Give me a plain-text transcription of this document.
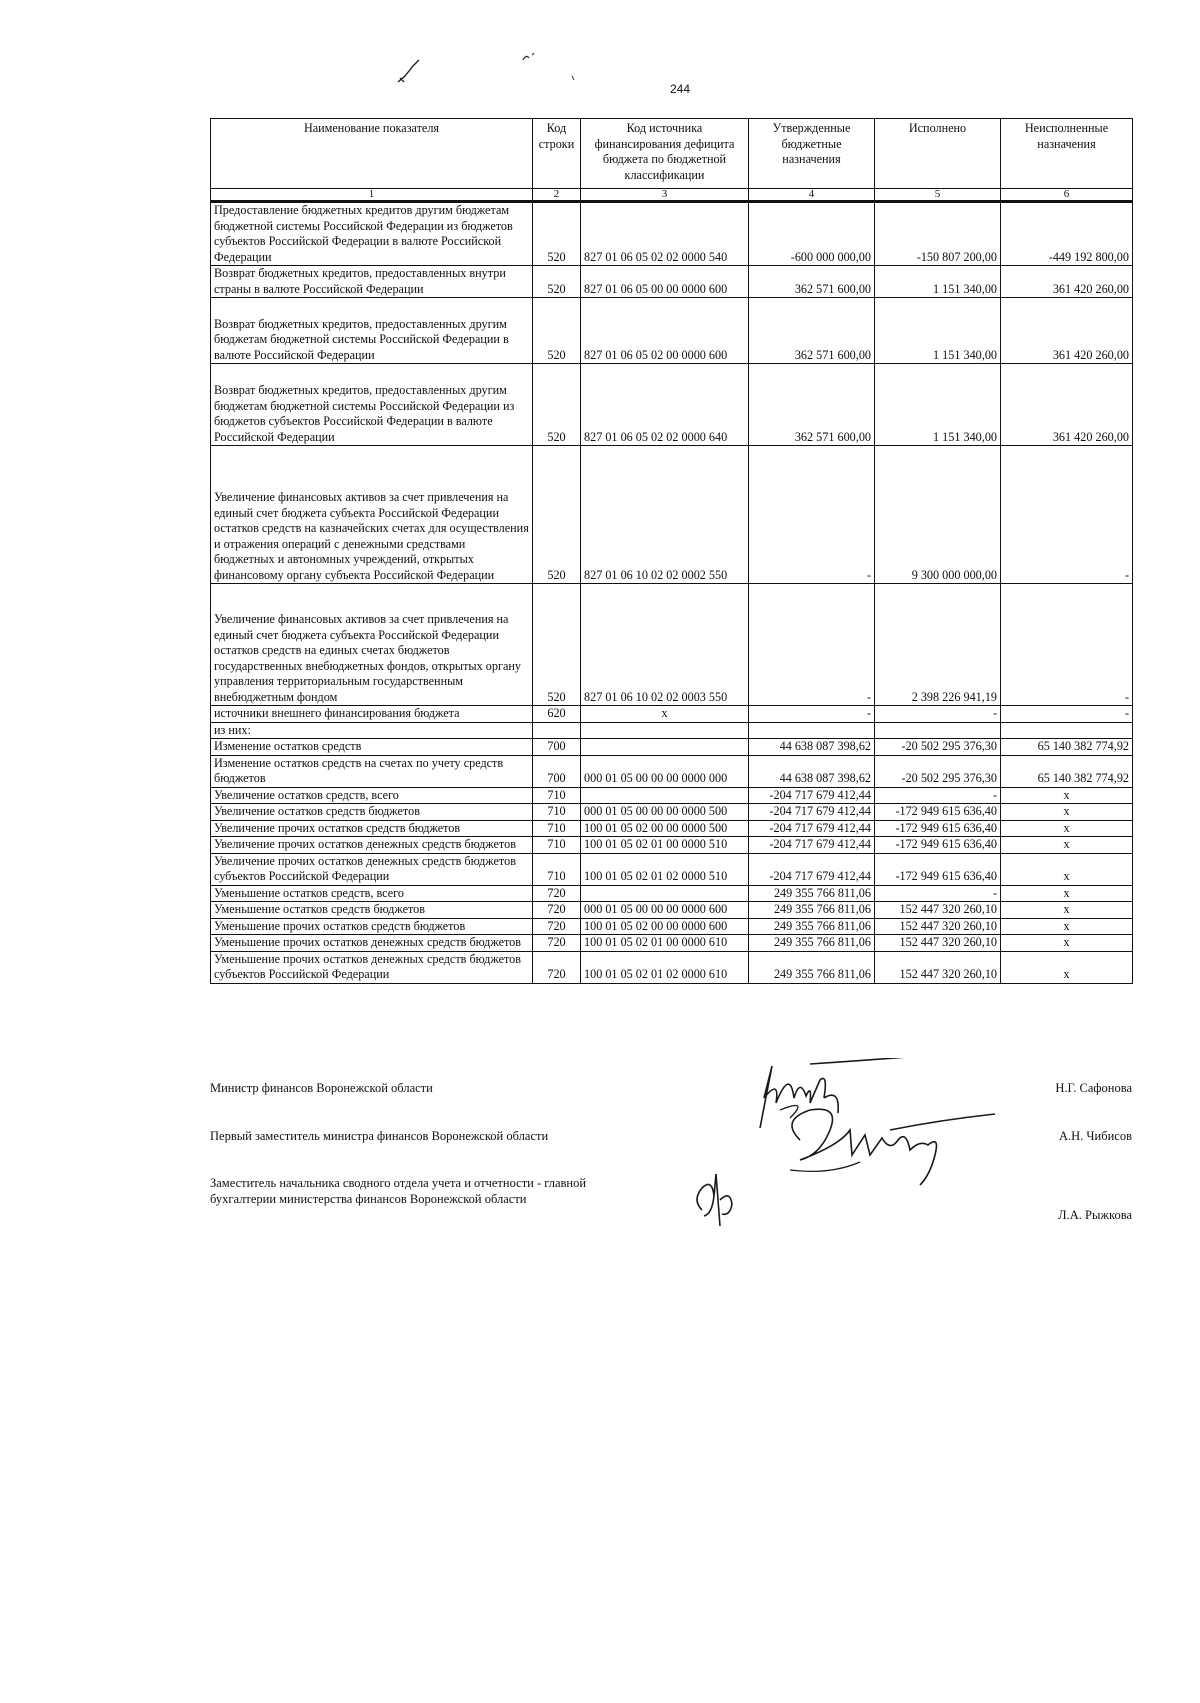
244
Наименование показателя	Код строки	Код источника финансирования дефицита бюджета по бюджетной классификации	Утвержденные бюджетные назначения	Исполнено	Неисполненные назначения
1	2	3	4	5	6
Предоставление бюджетных кредитов другим бюджетам бюджетной системы Российской Федерации из бюджетов субъектов Российской Федерации в валюте Российской Федерации	520	827 01 06 05 02 02 0000 540	-600 000 000,00	-150 807 200,00	-449 192 800,00
Возврат бюджетных кредитов, предоставленных внутри страны в валюте Российской Федерации	520	827 01 06 05 00 00 0000 600	362 571 600,00	1 151 340,00	361 420 260,00
Возврат бюджетных кредитов, предоставленных другим бюджетам бюджетной системы Российской Федерации в валюте Российской Федерации	520	827 01 06 05 02 00 0000 600	362 571 600,00	1 151 340,00	361 420 260,00
Возврат бюджетных кредитов, предоставленных другим бюджетам бюджетной системы Российской Федерации из бюджетов субъектов Российской Федерации в валюте Российской Федерации	520	827 01 06 05 02 02 0000 640	362 571 600,00	1 151 340,00	361 420 260,00
Увеличение финансовых активов за счет привлечения на единый счет бюджета субъекта Российской Федерации остатков средств на казначейских счетах для осуществления и отражения операций с денежными средствами бюджетных и автономных учреждений, открытых финансовому органу субъекта Российской Федерации	520	827 01 06 10 02 02 0002 550	-	9 300 000 000,00	-
Увеличение финансовых активов за счет привлечения на единый счет бюджета субъекта Российской Федерации остатков средств на единых счетах бюджетов государственных внебюджетных фондов, открытых органу управления территориальным государственным внебюджетным фондом	520	827 01 06 10 02 02 0003 550	-	2 398 226 941,19	-
источники внешнего финансирования бюджета	620	x	-	-	-
из них:					
Изменение остатков средств	700		44 638 087 398,62	-20 502 295 376,30	65 140 382 774,92
Изменение остатков средств на счетах по учету средств бюджетов	700	000 01 05 00 00 00 0000 000	44 638 087 398,62	-20 502 295 376,30	65 140 382 774,92
Увеличение остатков средств, всего	710		-204 717 679 412,44	-	x
Увеличение остатков средств бюджетов	710	000 01 05 00 00 00 0000 500	-204 717 679 412,44	-172 949 615 636,40	x
Увеличение прочих остатков средств бюджетов	710	100 01 05 02 00 00 0000 500	-204 717 679 412,44	-172 949 615 636,40	x
Увеличение прочих остатков денежных средств бюджетов	710	100 01 05 02 01 00 0000 510	-204 717 679 412,44	-172 949 615 636,40	x
Увеличение прочих остатков денежных средств бюджетов субъектов Российской Федерации	710	100 01 05 02 01 02 0000 510	-204 717 679 412,44	-172 949 615 636,40	x
Уменьшение остатков средств, всего	720		249 355 766 811,06	-	x
Уменьшение остатков средств бюджетов	720	000 01 05 00 00 00 0000 600	249 355 766 811,06	152 447 320 260,10	x
Уменьшение прочих остатков средств бюджетов	720	100 01 05 02 00 00 0000 600	249 355 766 811,06	152 447 320 260,10	x
Уменьшение прочих остатков денежных средств бюджетов	720	100 01 05 02 01 00 0000 610	249 355 766 811,06	152 447 320 260,10	x
Уменьшение прочих остатков денежных средств бюджетов субъектов Российской Федерации	720	100 01 05 02 01 02 0000 610	249 355 766 811,06	152 447 320 260,10	x
Министр финансов Воронежской области	Н.Г. Сафонова
Первый заместитель министра финансов Воронежской области	А.Н. Чибисов
Заместитель начальника сводного отдела учета и отчетности - главной бухгалтерии министерства финансов Воронежской области
Л.А. Рыжкова
